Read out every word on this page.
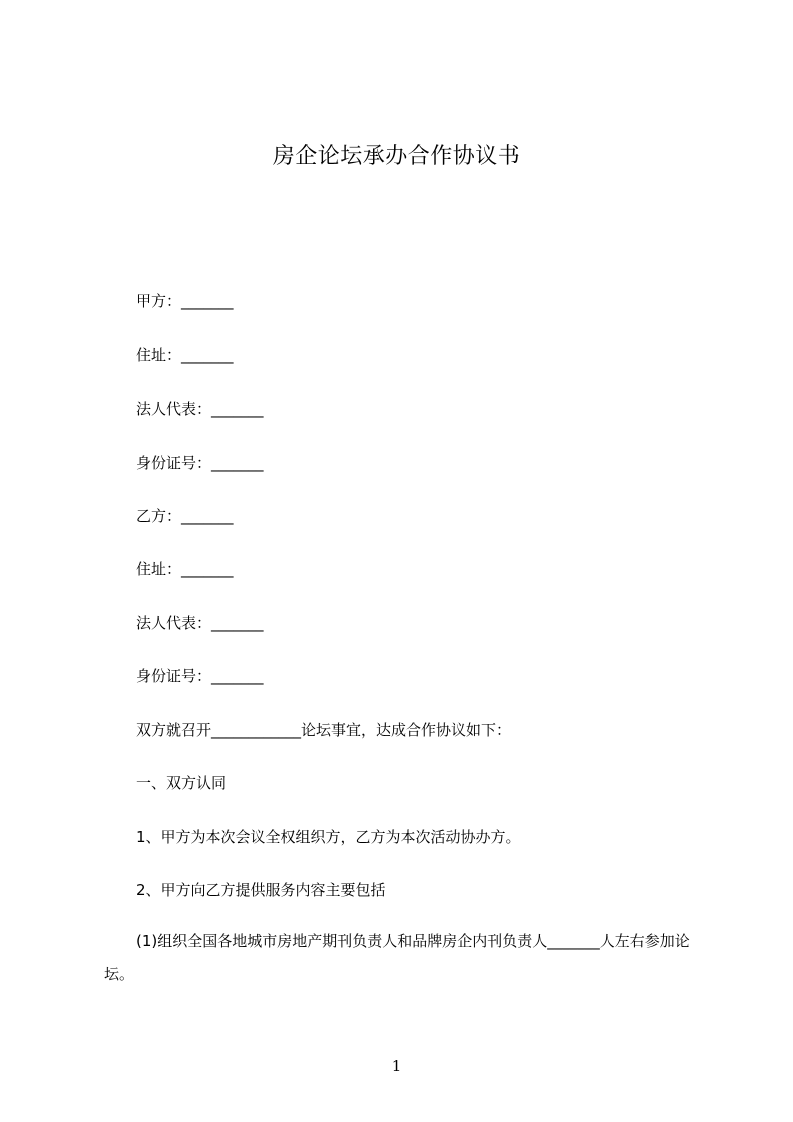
房企论坛承办合作协议书
甲方：_______
住址：_______
法人代表：_______
身份证号：_______
乙方：_______
住址：_______
法人代表：_______
身份证号：_______
双方就召开____________论坛事宜，达成合作协议如下：
一、双方认同
1、甲方为本次会议全权组织方，乙方为本次活动协办方。
2、甲方向乙方提供服务内容主要包括
(1)组织全国各地城市房地产期刊负责人和品牌房企内刊负责人_______人左右参加论坛。
1
